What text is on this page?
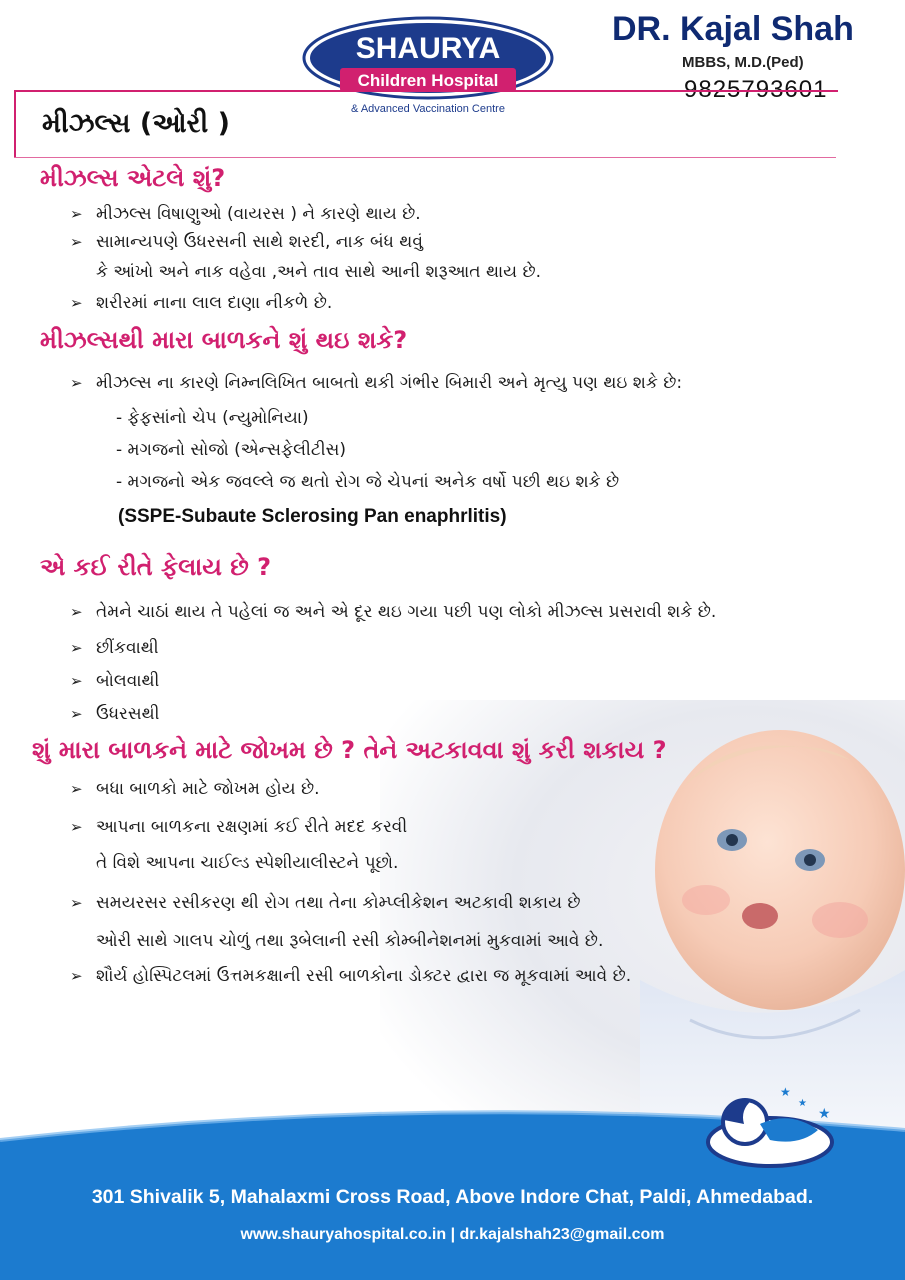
SHAURYA
Children Hospital
& Advanced Vaccination Centre
DR. Kajal Shah
MBBS, M.D.(Ped)
9825793601
મીઝલ્સ (ઓરી )
મીઝલ્સ એટલે શું?
➢ મીઝલ્સ વિષાણુઓ (વાયરસ ) ને કારણે થાય છે.
➢ સામાન્યપણે ઉધરસની સાથે શરદી, નાક બંધ થવું
કે આંખો અને નાક વહેવા ,અને તાવ સાથે આની શરૂઆત થાય છે.
➢ શરીરમાં નાના લાલ દાણા નીકળે છે.
મીઝલ્સથી મારા બાળકને શું થઇ શકે?
➢ મીઝલ્સ ના કારણે નિમ્નલિખિત બાબતો થકી ગંભીર બિમારી અને મૃત્યુ પણ થઇ શકે છે:
- ફેફસાંનો ચેપ (ન્યુમોનિયા)
- મગજનો સોજો (એન્સફેલીટીસ)
- મગજનો એક જવલ્લે જ થતો રોગ જે ચેપનાં અનેક વર્ષો પછી થઇ શકે છે
(SSPE-Subaute Sclerosing Pan enaphrlitis)
એ કઈ રીતે ફેલાય છે ?
➢ તેમને ચાઠાં થાય તે પહેલાં જ અને એ દૂર થઇ ગયા પછી પણ લોકો મીઝલ્સ પ્રસરાવી શકે છે.
➢ છીંકવાથી
➢ બોલવાથી
➢ ઉધરસથી
શું મારા બાળકને માટે જોખમ છે ? તેને અટકાવવા શું કરી શકાય ?
➢ બધા બાળકો માટે જોખમ હોય છે.
➢ આપના બાળકના રક્ષણમાં કઈ રીતે મદદ કરવી
તે વિશે આપના ચાઈલ્ડ સ્પેશીયાલીસ્ટને પૂછો.
➢ સમયરસર રસીકરણ થી રોગ તથા તેના કોમ્પ્લીકેશન અટકાવી શકાય છે
ઓરી સાથે ગાલપ ચોળું તથા રૂબેલાની રસી કોમ્બીનેશનમાં મુકવામાં આવે છે.
➢ શૌર્ય હોસ્પિટલમાં ઉત્તમકક્ષાની રસી બાળકોના ડોક્ટર દ્વારા જ મૂકવામાં આવે છે.
★
★
★
301 Shivalik 5, Mahalaxmi Cross Road, Above Indore Chat, Paldi, Ahmedabad.
www.shauryahospital.co.in | dr.kajalshah23@gmail.com
